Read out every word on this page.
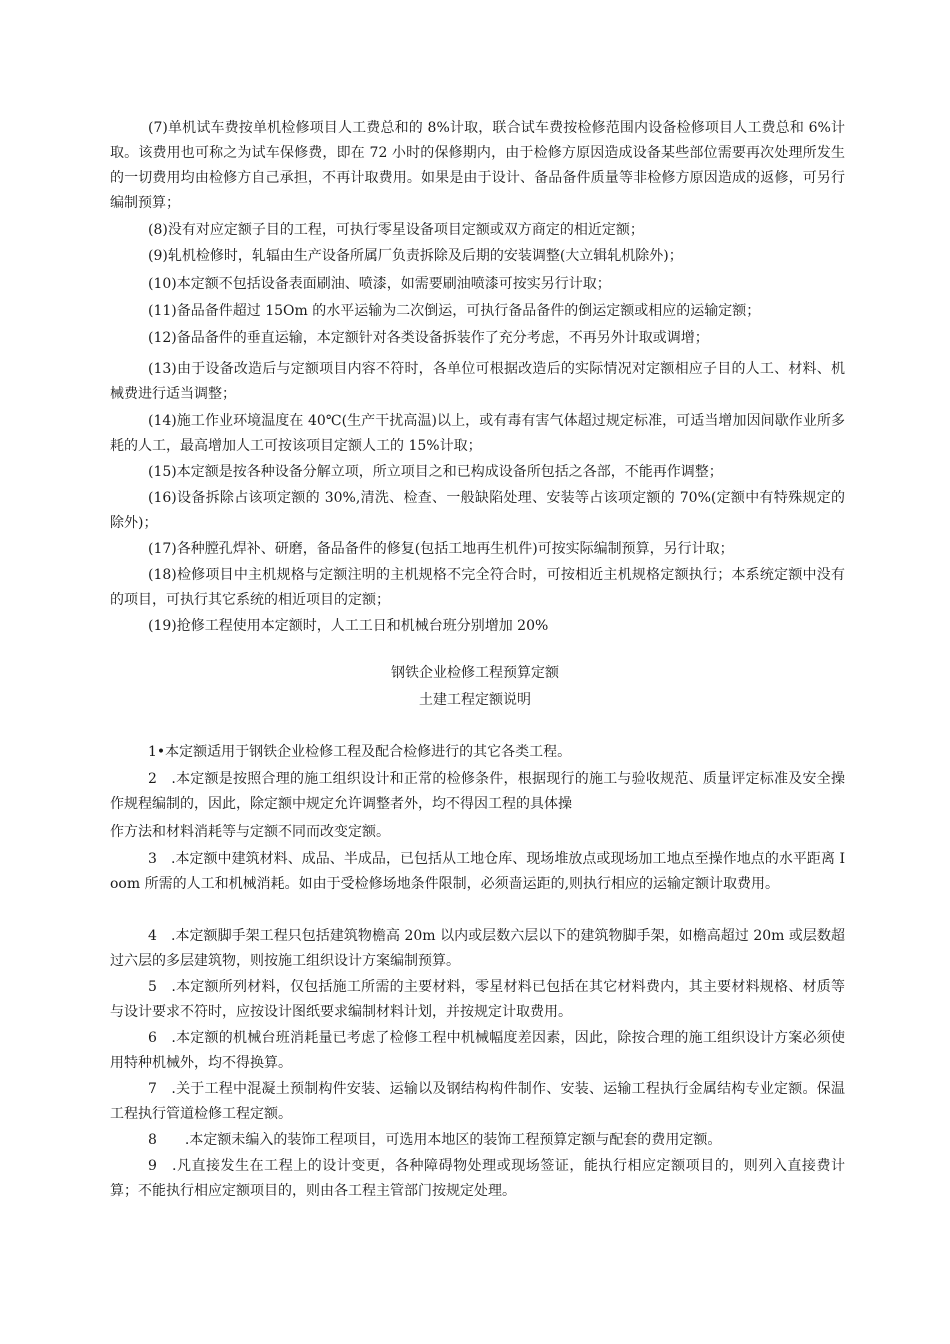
(7)单机试车费按单机检修项目人工费总和的 8%计取，联合试车费按检修范围内设备检修项目人工费总和 6%计取。该费用也可称之为试车保修费，即在 72 小时的保修期内，由于检修方原因造成设备某些部位需要再次处理所发生的一切费用均由检修方自己承担，不再计取费用。如果是由于设计、备品备件质量等非检修方原因造成的返修，可另行编制预算；

(8)没有对应定额子目的工程，可执行零星设备项目定额或双方商定的相近定额；

(9)轧机检修时，轧辐由生产设备所属厂负责拆除及后期的安装调整(大立辑轧机除外)；

(10)本定额不包括设备表面刷油、喷漆，如需要刷油喷漆可按实另行计取；

(11)备品备件超过 15Om 的水平运输为二次倒运，可执行备品备件的倒运定额或相应的运输定额；

(12)备品备件的垂直运输，本定额针对各类设备拆装作了充分考虑，不再另外计取或调增；

(13)由于设备改造后与定额项目内容不符时，各单位可根据改造后的实际情况对定额相应子目的人工、材料、机械费进行适当调整；

(14)施工作业环境温度在 40℃(生产干扰高温)以上，或有毒有害气体超过规定标准，可适当增加因间歇作业所多耗的人工，最高增加人工可按该项目定额人工的 15%计取；

(15)本定额是按各种设备分解立项，所立项目之和已构成设备所包括之各部，不能再作调整；

(16)设备拆除占该项定额的 30%,清洗、检查、一般缺陷处理、安装等占该项定额的 70%(定额中有特殊规定的除外)；

(17)各种膛孔焊补、研磨，备品备件的修复(包括工地再生机件)可按实际编制预算，另行计取；

(18)检修项目中主机规格与定额注明的主机规格不完全符合时，可按相近主机规格定额执行；本系统定额中没有的项目，可执行其它系统的相近项目的定额；

(19)抢修工程使用本定额时，人工工日和机械台班分别增加 20%

钢铁企业检修工程预算定额

土建工程定额说明

1•本定额适用于钢铁企业检修工程及配合检修进行的其它各类工程。

2　.本定额是按照合理的施工组织设计和正常的检修条件，根据现行的施工与验收规范、质量评定标准及安全操作规程编制的，因此，除定额中规定允许调整者外，均不得因工程的具体操

作方法和材料消耗等与定额不同而改变定额。

3　.本定额中建筑材料、成品、半成品，已包括从工地仓库、现场堆放点或现场加工地点至操作地点的水平距离 Ioom 所需的人工和机械消耗。如由于受检修场地条件限制，必须啬运距的,则执行相应的运输定额计取费用。

4　.本定额脚手架工程只包括建筑物檐高 20m 以内或层数六层以下的建筑物脚手架，如檐高超过 20m 或层数超过六层的多层建筑物，则按施工组织设计方案编制预算。

5　.本定额所列材料，仅包括施工所需的主要材料，零星材料已包括在其它材料费内，其主要材料规格、材质等与设计要求不符时，应按设计图纸要求编制材料计划，并按规定计取费用。

6　.本定额的机械台班消耗量已考虑了检修工程中机械幅度差因素，因此，除按合理的施工组织设计方案必须使用特种机械外，均不得换算。

7　.关于工程中混凝土预制构件安装、运输以及钢结构构件制作、安装、运输工程执行金属结构专业定额。保温工程执行管道检修工程定额。

8　　.本定额未编入的装饰工程项目，可选用本地区的装饰工程预算定额与配套的费用定额。

9　.凡直接发生在工程上的设计变更，各种障碍物处理或现场签证，能执行相应定额项目的，则列入直接费计算；不能执行相应定额项目的，则由各工程主管部门按规定处理。
